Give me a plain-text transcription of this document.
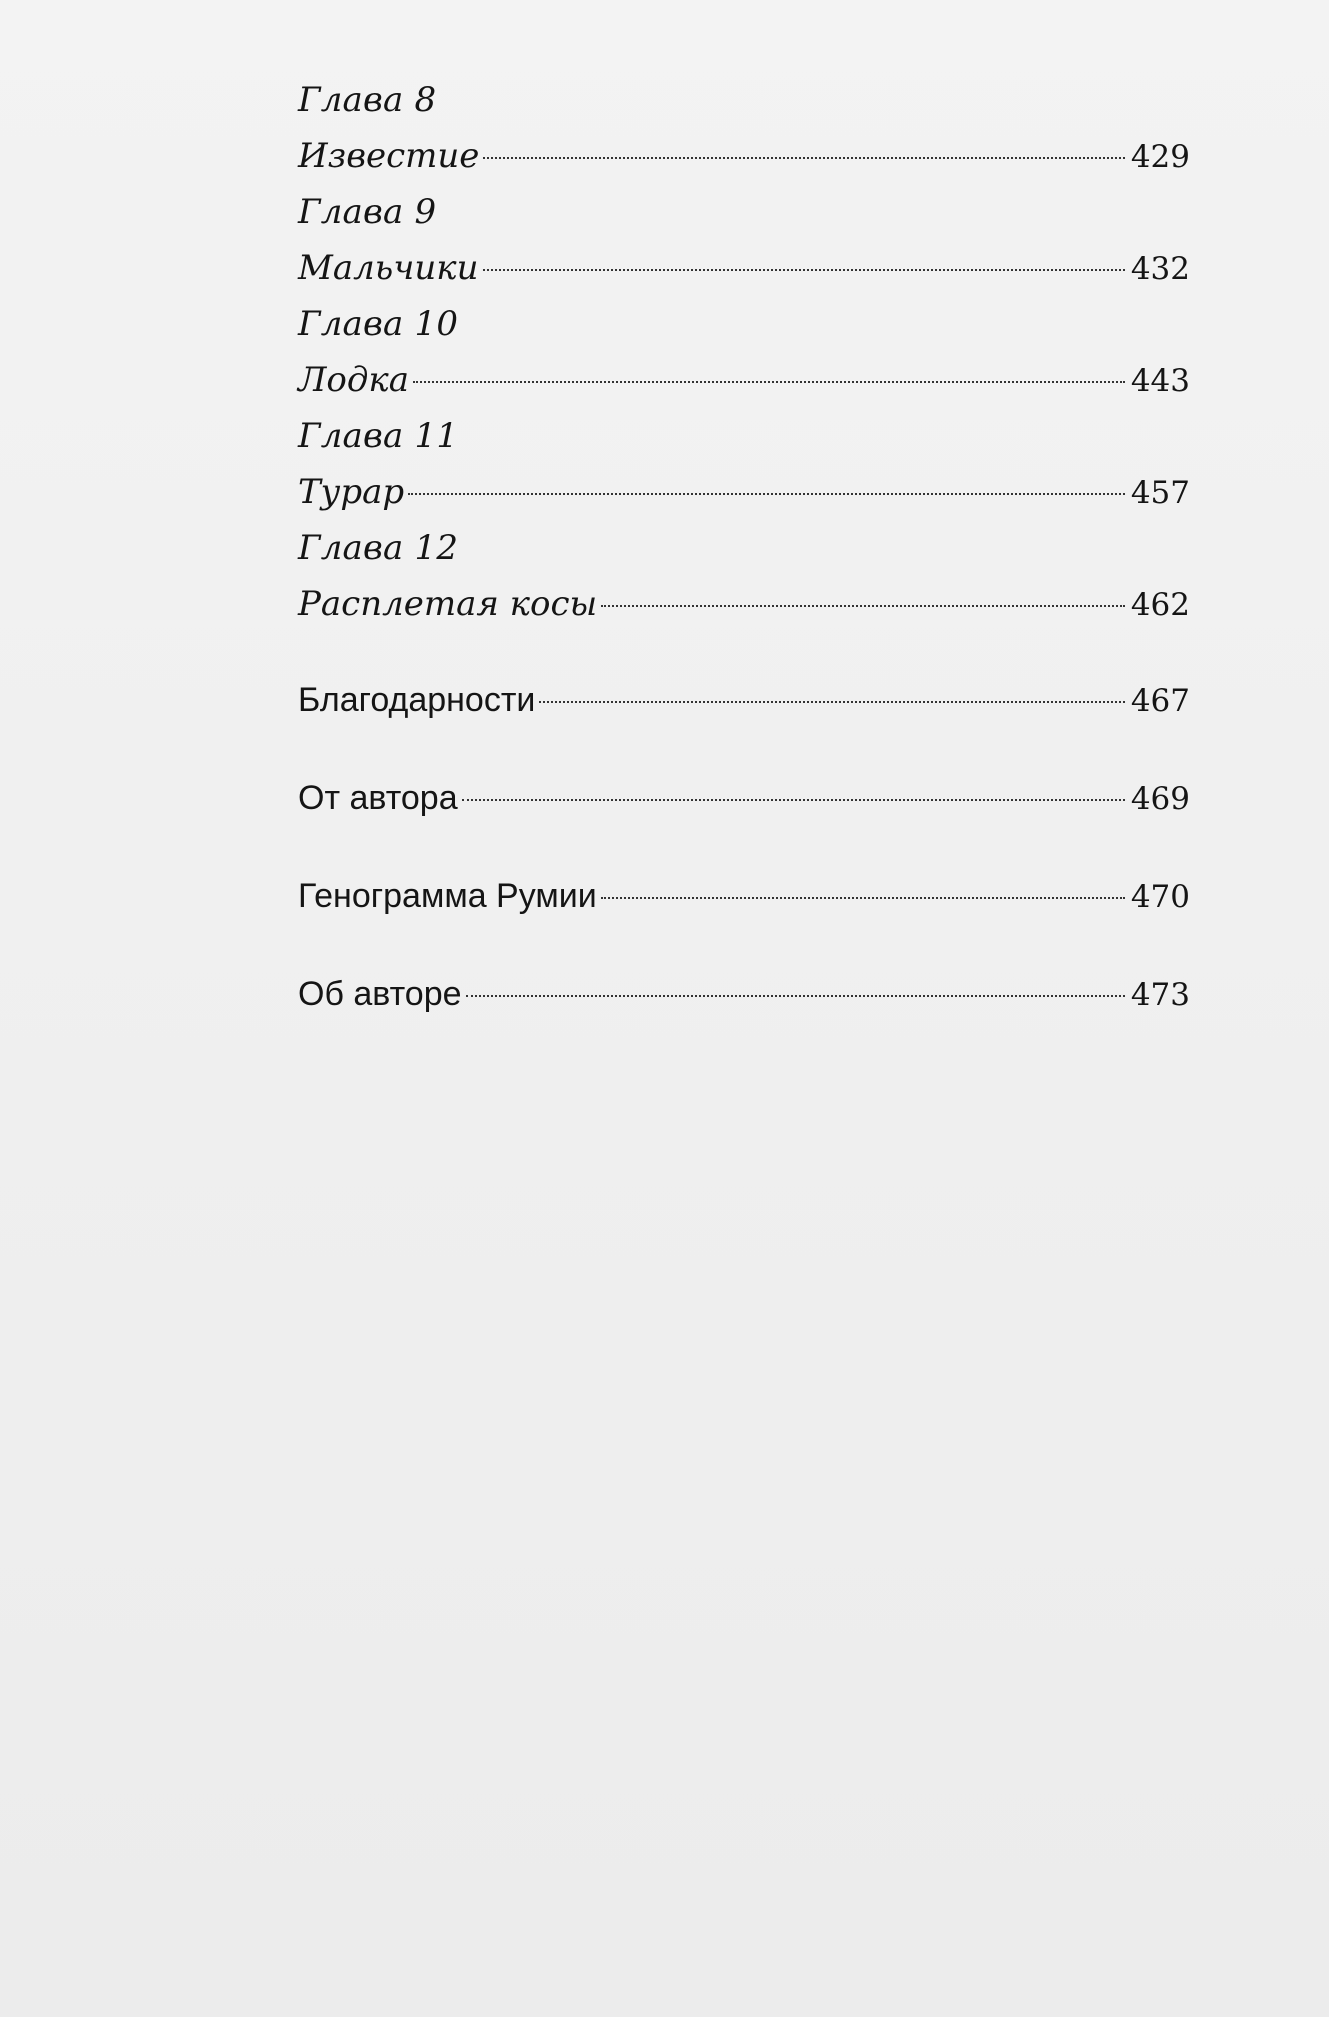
Глава 8
Известие	429
Глава 9
Мальчики	432
Глава 10
Лодка	443
Глава 11
Турар	457
Глава 12
Расплетая косы	462
Благодарности	467
От автора	469
Генограмма Румии	470
Об авторе	473
